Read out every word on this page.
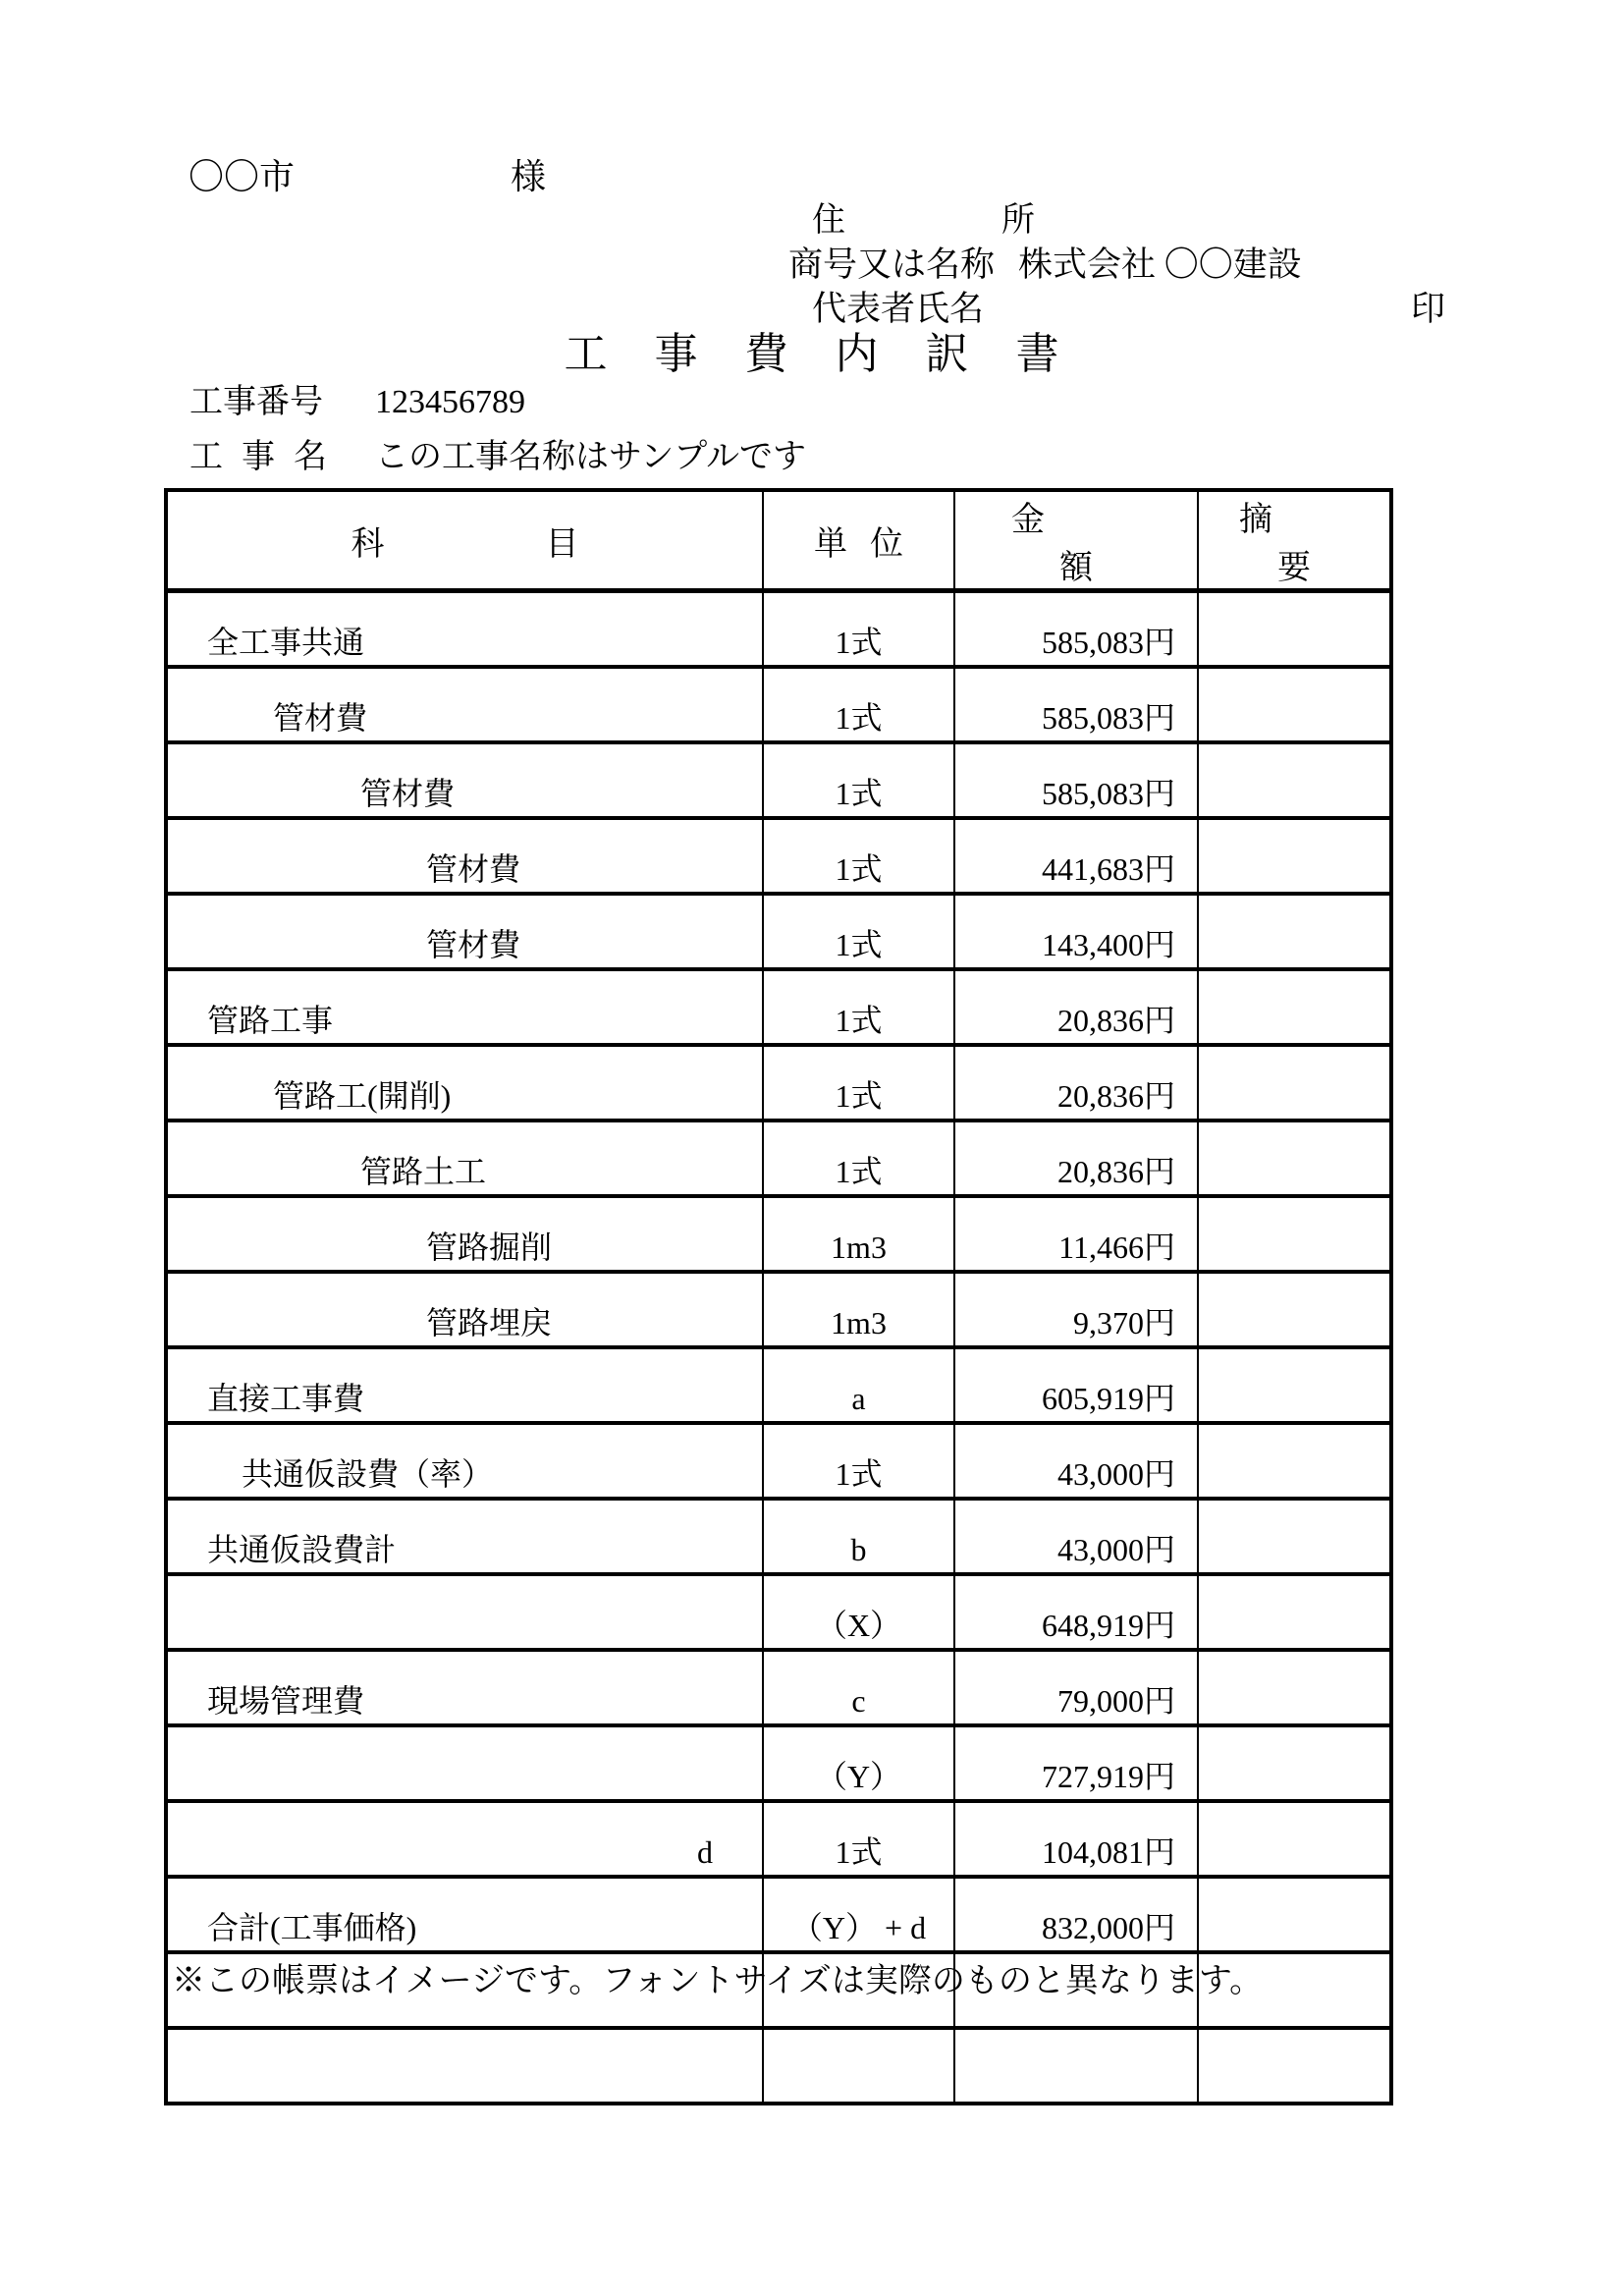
〇〇市	様
住所
商号又は名称 株式会社 〇〇建設
代表者氏名	印
工事費内訳書
工事番号 123456789
工事名 この工事名称はサンプルです
科目	単位	金額	摘要
全工事共通	1式	585,083円	
管材費	1式	585,083円	
管材費	1式	585,083円	
管材費	1式	441,683円	
管材費	1式	143,400円	
管路工事	1式	20,836円	
管路工(開削)	1式	20,836円	
管路土工	1式	20,836円	
管路掘削	1m3	11,466円	
管路埋戻	1m3	9,370円	
直接工事費	a	605,919円	
共通仮設費（率）	1式	43,000円	
共通仮設費計	b	43,000円	
	（X）	648,919円	
現場管理費	c	79,000円	
	（Y）	727,919円	
d	1式	104,081円	
合計(工事価格)	（Y） + d	832,000円	

※この帳票はイメージです。フォントサイズは実際のものと異なります。
